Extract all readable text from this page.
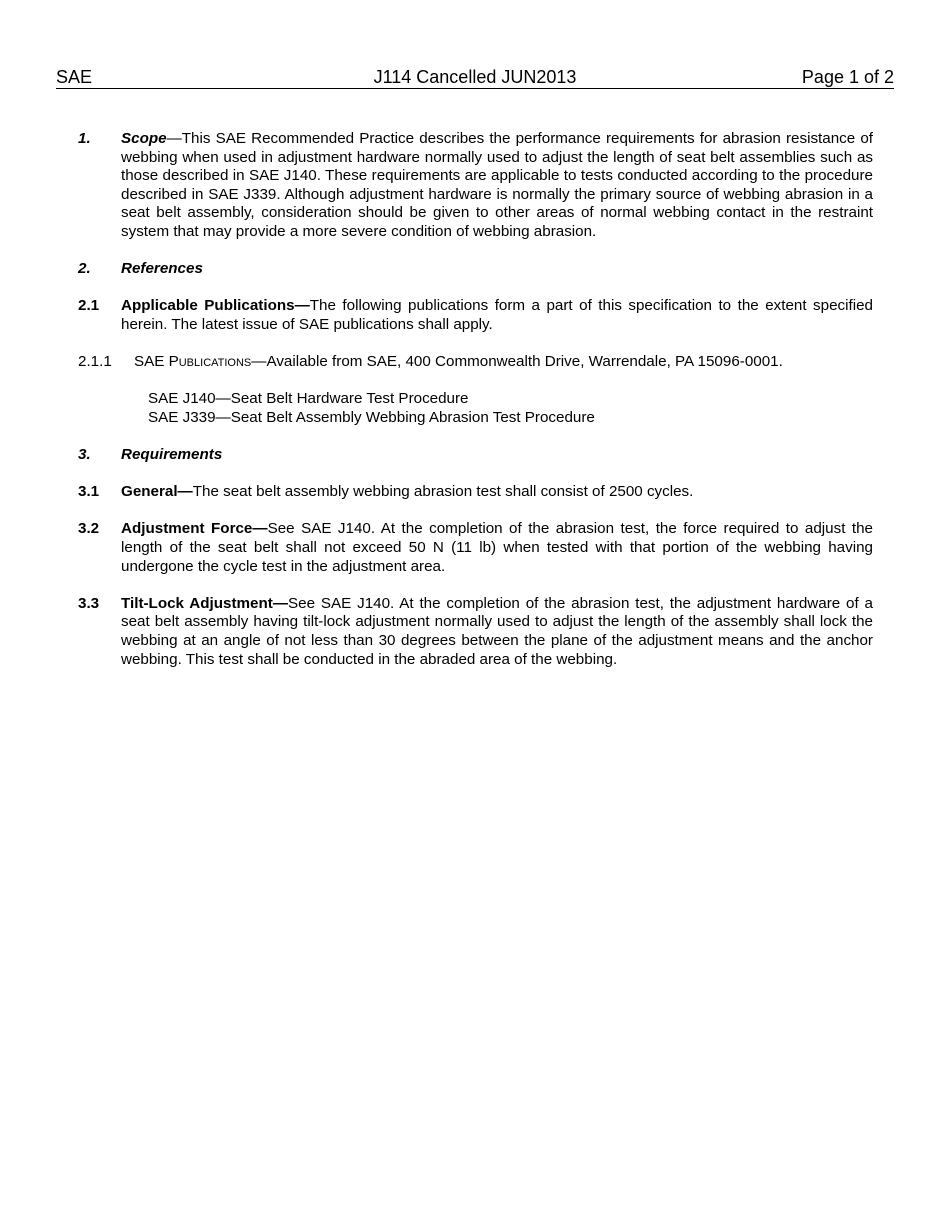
SAE	J114 Cancelled JUN2013	Page 1 of 2
1.	Scope—This SAE Recommended Practice describes the performance requirements for abrasion resistance of webbing when used in adjustment hardware normally used to adjust the length of seat belt assemblies such as those described in SAE J140. These requirements are applicable to tests conducted according to the procedure described in SAE J339. Although adjustment hardware is normally the primary source of webbing abrasion in a seat belt assembly, consideration should be given to other areas of normal webbing contact in the restraint system that may provide a more severe condition of webbing abrasion.
2.	References
2.1	Applicable Publications—The following publications form a part of this specification to the extent specified herein. The latest issue of SAE publications shall apply.
2.1.1	SAE Publications—Available from SAE, 400 Commonwealth Drive, Warrendale, PA 15096-0001.
SAE J140—Seat Belt Hardware Test Procedure
SAE J339—Seat Belt Assembly Webbing Abrasion Test Procedure
3.	Requirements
3.1	General—The seat belt assembly webbing abrasion test shall consist of 2500 cycles.
3.2	Adjustment Force—See SAE J140. At the completion of the abrasion test, the force required to adjust the length of the seat belt shall not exceed 50 N (11 lb) when tested with that portion of the webbing having undergone the cycle test in the adjustment area.
3.3	Tilt-Lock Adjustment—See SAE J140. At the completion of the abrasion test, the adjustment hardware of a seat belt assembly having tilt-lock adjustment normally used to adjust the length of the assembly shall lock the webbing at an angle of not less than 30 degrees between the plane of the adjustment means and the anchor webbing. This test shall be conducted in the abraded area of the webbing.
